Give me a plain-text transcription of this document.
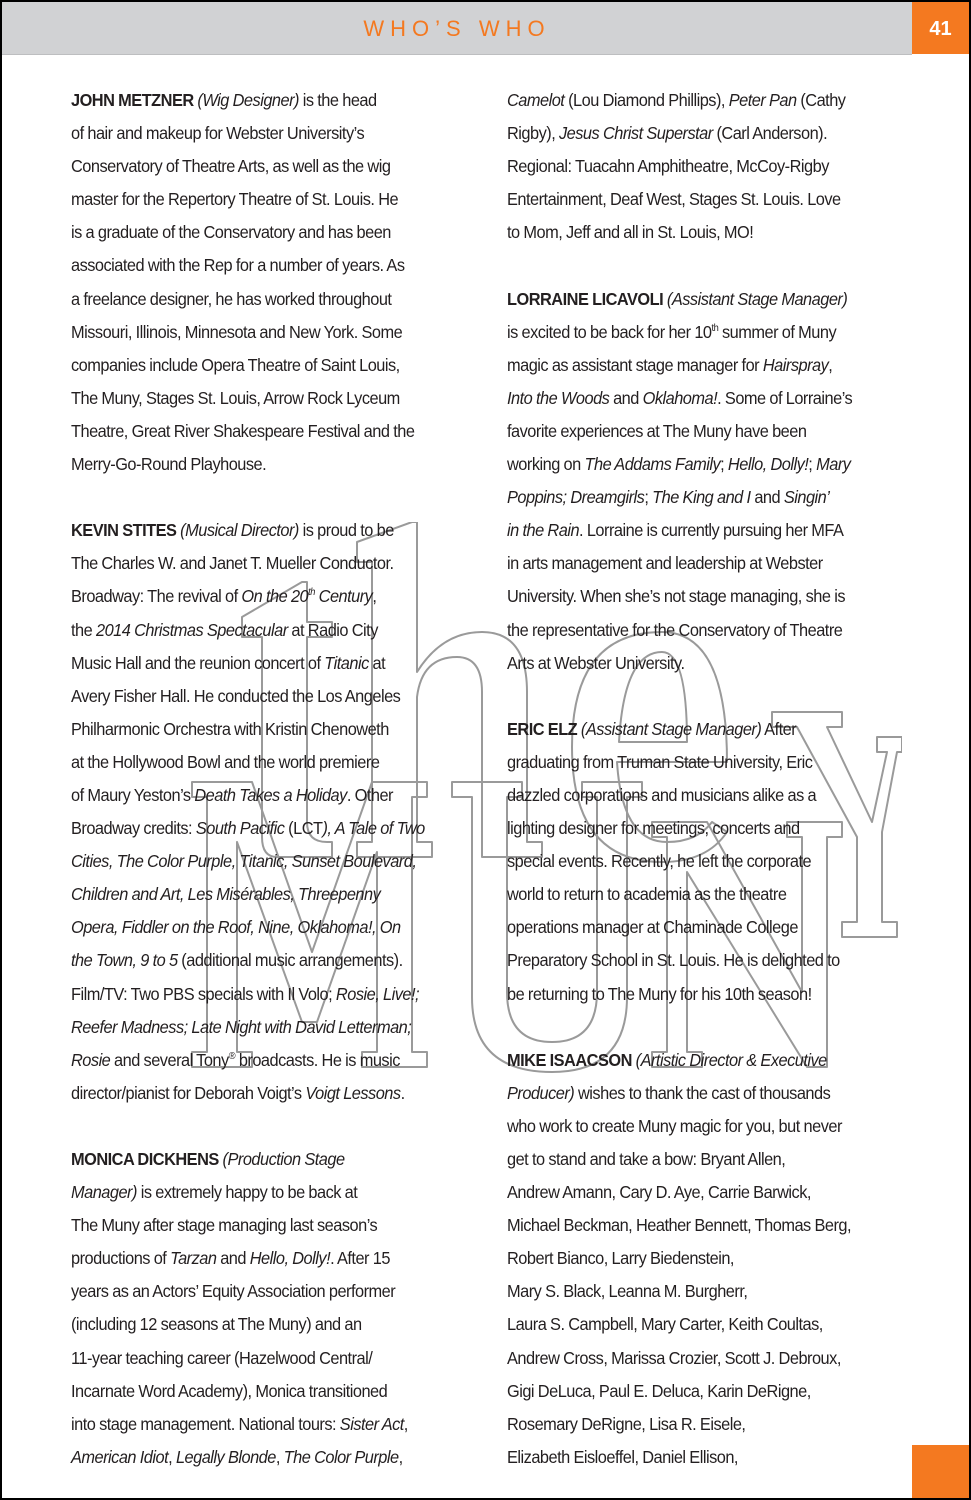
WHO’S WHO	41
JOHN METZNER (Wig Designer) is the head
of hair and makeup for Webster University’s
Conservatory of Theatre Arts, as well as the wig
master for the Repertory Theatre of St. Louis. He
is a graduate of the Conservatory and has been
associated with the Rep for a number of years. As
a freelance designer, he has worked throughout
Missouri, Illinois, Minnesota and New York. Some
companies include Opera Theatre of Saint Louis,
The Muny, Stages St. Louis, Arrow Rock Lyceum
Theatre, Great River Shakespeare Festival and the
Merry-Go-Round Playhouse.
KEVIN STITES (Musical Director) is proud to be
The Charles W. and Janet T. Mueller Conductor.
Broadway: The revival of On the 20th Century,
the 2014 Christmas Spectacular at Radio City
Music Hall and the reunion concert of Titanic at
Avery Fisher Hall. He conducted the Los Angeles
Philharmonic Orchestra with Kristin Chenoweth
at the Hollywood Bowl and the world premiere
of Maury Yeston’s Death Takes a Holiday. Other
Broadway credits: South Pacific (LCT), A Tale of Two
Cities, The Color Purple, Titanic, Sunset Boulevard,
Children and Art, Les Misérables, Threepenny
Opera, Fiddler on the Roof, Nine, Oklahoma!, On
the Town, 9 to 5 (additional music arrangements).
Film/TV: Two PBS specials with Il Volo; Rosie, Live!;
Reefer Madness; Late Night with David Letterman;
Rosie and several Tony® broadcasts. He is music
director/pianist for Deborah Voigt’s Voigt Lessons.
MONICA DICKHENS (Production Stage
Manager) is extremely happy to be back at
The Muny after stage managing last season’s
productions of Tarzan and Hello, Dolly!. After 15
years as an Actors’ Equity Association performer
(including 12 seasons at The Muny) and an
11-year teaching career (Hazelwood Central/
Incarnate Word Academy), Monica transitioned
into stage management. National tours: Sister Act,
American Idiot, Legally Blonde, The Color Purple,
Camelot (Lou Diamond Phillips), Peter Pan (Cathy
Rigby), Jesus Christ Superstar (Carl Anderson).
Regional: Tuacahn Amphitheatre, McCoy-Rigby
Entertainment, Deaf West, Stages St. Louis. Love
to Mom, Jeff and all in St. Louis, MO!
LORRAINE LICAVOLI (Assistant Stage Manager)
is excited to be back for her 10th summer of Muny
magic as assistant stage manager for Hairspray,
Into the Woods and Oklahoma!. Some of Lorraine’s
favorite experiences at The Muny have been
working on The Addams Family; Hello, Dolly!; Mary
Poppins; Dreamgirls; The King and I and Singin’
in the Rain. Lorraine is currently pursuing her MFA
in arts management and leadership at Webster
University. When she’s not stage managing, she is
the representative for the Conservatory of Theatre
Arts at Webster University.
ERIC ELZ (Assistant Stage Manager) After
graduating from Truman State University, Eric
dazzled corporations and musicians alike as a
lighting designer for meetings, concerts and
special events. Recently, he left the corporate
world to return to academia as the theatre
operations manager at Chaminade College
Preparatory School in St. Louis. He is delighted to
be returning to The Muny for his 10th season!
MIKE ISAACSON (Artistic Director & Executive
Producer) wishes to thank the cast of thousands
who work to create Muny magic for you, but never
get to stand and take a bow: Bryant Allen,
Andrew Amann, Cary D. Aye, Carrie Barwick,
Michael Beckman, Heather Bennett, Thomas Berg,
Robert Bianco, Larry Biedenstein,
Mary S. Black, Leanna M. Burgherr,
Laura S. Campbell, Mary Carter, Keith Coultas,
Andrew Cross, Marissa Crozier, Scott J. Debroux,
Gigi DeLuca, Paul E. Deluca, Karin DeRigne,
Rosemary DeRigne, Lisa R. Eisele,
Elizabeth Eisloeffel, Daniel Ellison,
